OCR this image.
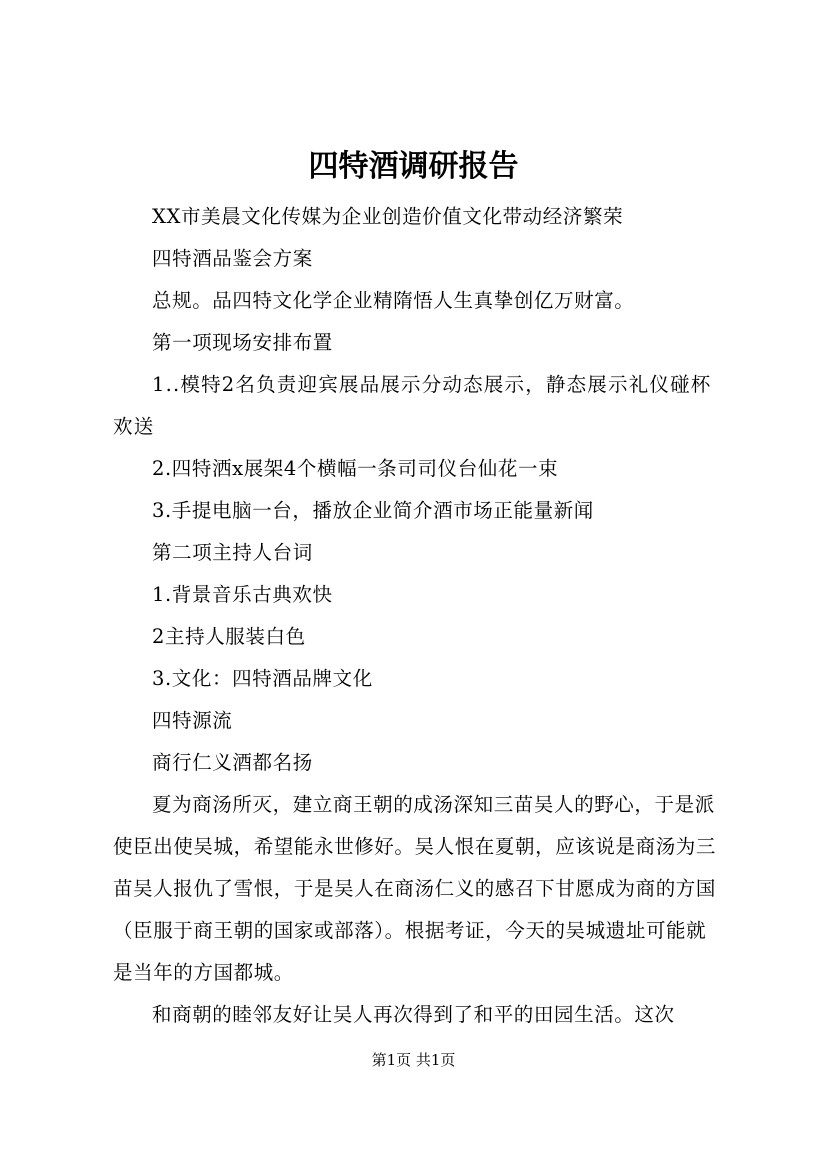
四特酒调研报告

XX市美晨文化传媒为企业创造价值文化带动经济繁荣

四特酒品鉴会方案

总规。品四特文化学企业精隋悟人生真挚创亿万财富。

第一项现场安排布置

1..模特2名负责迎宾展品展示分动态展示，静态展示礼仪碰杯欢送

2.四特洒x展架4个横幅一条司司仪台仙花一束

3.手提电脑一台，播放企业简介酒市场正能量新闻

第二项主持人台词

1.背景音乐古典欢快

2主持人服装白色

3.文化：四特酒品牌文化

四特源流

商行仁义酒都名扬

夏为商汤所灭，建立商王朝的成汤深知三苗吴人的野心，于是派使臣出使吴城，希望能永世修好。吴人恨在夏朝，应该说是商汤为三苗吴人报仇了雪恨，于是吴人在商汤仁义的感召下甘愿成为商的方国（臣服于商王朝的国家或部落）。根据考证，今天的吴城遗址可能就是当年的方国都城。

和商朝的睦邻友好让吴人再次得到了和平的田园生活。这次

第1页 共1页
